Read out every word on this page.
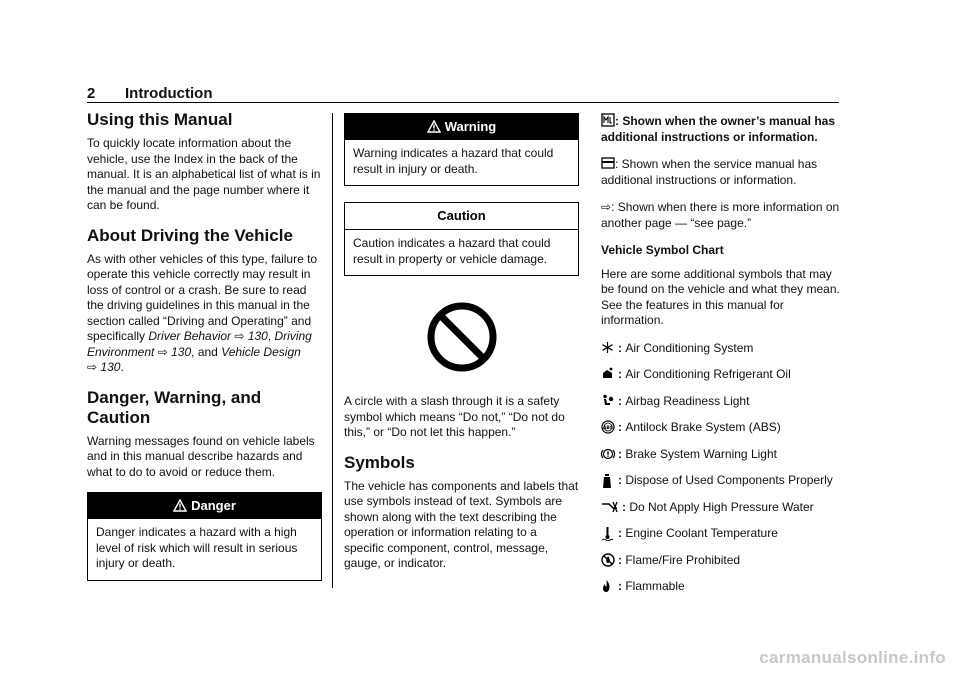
2 Introduction
Using this Manual

To quickly locate information about the vehicle, use the Index in the back of the manual. It is an alphabetical list of what is in the manual and the page number where it can be found.

About Driving the Vehicle

As with other vehicles of this type, failure to operate this vehicle correctly may result in loss of control or a crash. Be sure to read the driving guidelines in this manual in the section called “Driving and Operating” and specifically Driver Behavior ⇨ 130, Driving Environment ⇨ 130, and Vehicle Design
⇨ 130.

Danger, Warning, and Caution

Warning messages found on vehicle labels and in this manual describe hazards and what to do to avoid or reduce them.

Danger
Danger indicates a hazard with a high level of risk which will result in serious injury or death.
Warning
Warning indicates a hazard that could result in injury or death.
Caution
Caution indicates a hazard that could result in property or vehicle damage.

A circle with a slash through it is a safety symbol which means “Do not,” “Do not do this,” or “Do not let this happen.”

Symbols

The vehicle has components and labels that use symbols instead of text. Symbols are shown along with the text describing the operation or information relating to a specific component, control, message, gauge, or indicator.

: Shown when the owner’s manual has additional instructions or information.

: Shown when the service manual has additional instructions or information.

⇨: Shown when there is more information on another page — “see page.”

Vehicle Symbol Chart

Here are some additional symbols that may be found on the vehicle and what they mean. See the features in this manual for information.

: Air Conditioning System
: Air Conditioning Refrigerant Oil
: Airbag Readiness Light
ABS : Antilock Brake System (ABS)
: Brake System Warning Light
: Dispose of Used Components Properly
: Do Not Apply High Pressure Water
: Engine Coolant Temperature
: Flame/Fire Prohibited
: Flammable
carmanualsonline.info
